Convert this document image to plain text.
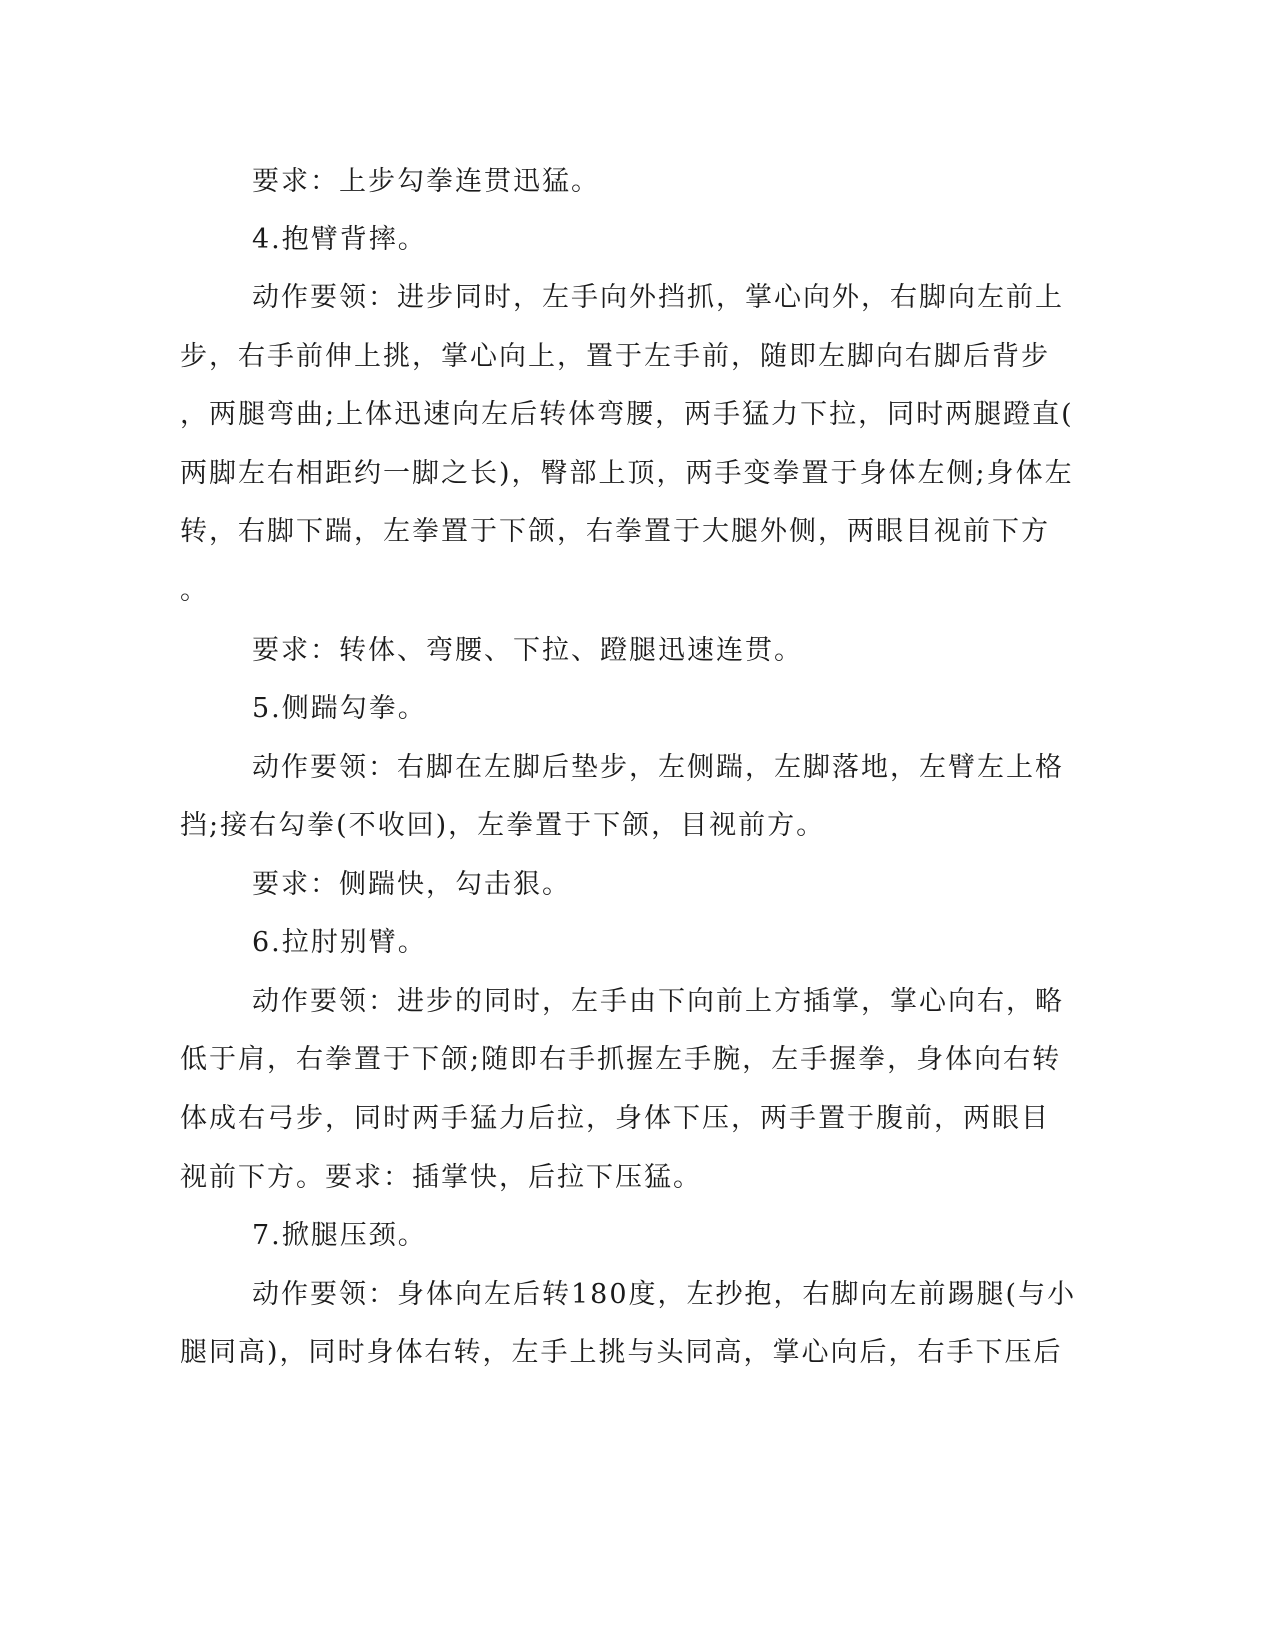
要求：上步勾拳连贯迅猛。
4.抱臂背摔。
动作要领：进步同时，左手向外挡抓，掌心向外，右脚向左前上
步，右手前伸上挑，掌心向上，置于左手前，随即左脚向右脚后背步
，两腿弯曲;上体迅速向左后转体弯腰，两手猛力下拉，同时两腿蹬直(
两脚左右相距约一脚之长)，臀部上顶，两手变拳置于身体左侧;身体左
转，右脚下踹，左拳置于下颌，右拳置于大腿外侧，两眼目视前下方
。
要求：转体、弯腰、下拉、蹬腿迅速连贯。
5.侧踹勾拳。
动作要领：右脚在左脚后垫步，左侧踹，左脚落地，左臂左上格
挡;接右勾拳(不收回)，左拳置于下颌，目视前方。
要求：侧踹快，勾击狠。
6.拉肘别臂。
动作要领：进步的同时，左手由下向前上方插掌，掌心向右，略
低于肩，右拳置于下颌;随即右手抓握左手腕，左手握拳，身体向右转
体成右弓步，同时两手猛力后拉，身体下压，两手置于腹前，两眼目
视前下方。要求：插掌快，后拉下压猛。
7.掀腿压颈。
动作要领：身体向左后转180度，左抄抱，右脚向左前踢腿(与小
腿同高)，同时身体右转，左手上挑与头同高，掌心向后，右手下压后
